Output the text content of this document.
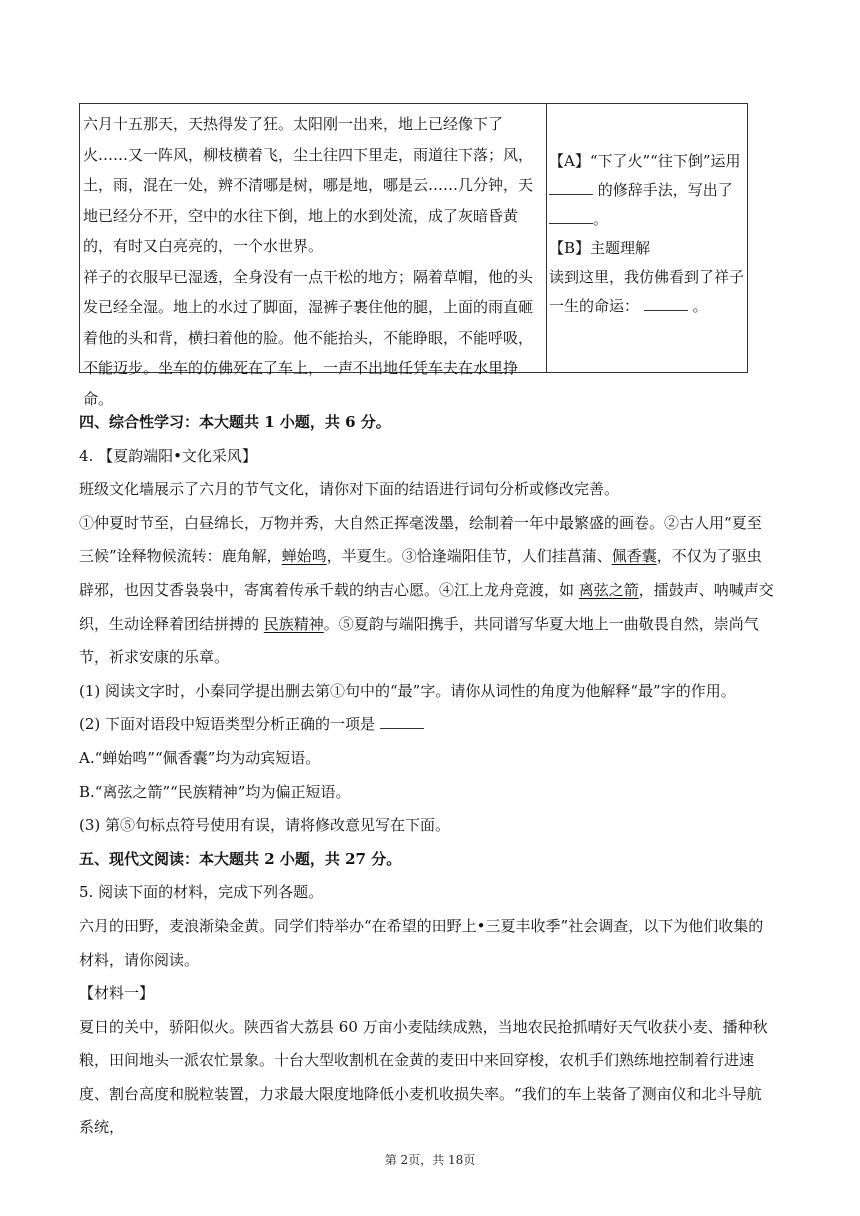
六月十五那天，天热得发了狂。太阳刚一出来，地上已经像下了火……又一阵风，柳枝横着飞，尘土往四下里走，雨道往下落；风，土，雨，混在一处，辨不清哪是树，哪是地，哪是云……几分钟，天地已经分不开，空中的水往下倒，地上的水到处流，成了灰暗昏黄的，有时又白亮亮的，一个水世界。

祥子的衣服早已湿透，全身没有一点干松的地方；隔着草帽，他的头发已经全湿。地上的水过了脚面，湿裤子裹住他的腿，上面的雨直砸着他的头和背，横扫着他的脸。他不能抬头，不能睁眼，不能呼吸，不能迈步。坐车的仿佛死在了车上，一声不出地任凭车夫在水里挣命。

【A】“下了火”“往下倒”运用  的修辞手法，写出了
。

【B】主题理解

读到这里，我仿佛看到了祥子一生的命运：	。

四、综合性学习：本大题共 1 小题，共 6 分。

4. 【夏韵端阳•文化采风】

班级文化墙展示了六月的节气文化，请你对下面的结语进行词句分析或修改完善。

①仲夏时节至，白昼绵长，万物并秀，大自然正挥毫泼墨，绘制着一年中最繁盛的画卷。②古人用“夏至三候”诠释物候流转：鹿角解，蝉始鸣，半夏生。③恰逢端阳佳节，人们挂菖蒲、佩香囊，不仅为了驱虫辟邪，也因艾香袅袅中，寄寓着传承千载的纳吉心愿。④江上龙舟竞渡，如 离弦之箭，擂鼓声、呐喊声交织，生动诠释着团结拼搏的 民族精神。⑤夏韵与端阳携手，共同谱写华夏大地上一曲敬畏自然，崇尚气节，祈求安康的乐章。

(1) 阅读文字时，小秦同学提出删去第①句中的“最”字。请你从词性的角度为他解释“最”字的作用。

(2) 下面对语段中短语类型分析正确的一项是

A.“蝉始鸣”“佩香囊”均为动宾短语。

B.“离弦之箭”“民族精神”均为偏正短语。

(3) 第⑤句标点符号使用有误，请将修改意见写在下面。

五、现代文阅读：本大题共 2 小题，共 27 分。

5. 阅读下面的材料，完成下列各题。

六月的田野，麦浪渐染金黄。同学们特举办“在希望的田野上•三夏丰收季”社会调查，以下为他们收集的材料，请你阅读。

【材料一】

夏日的关中，骄阳似火。陕西省大荔县 60 万亩小麦陆续成熟，当地农民抢抓晴好天气收获小麦、播种秋粮，田间地头一派农忙景象。十台大型收割机在金黄的麦田中来回穿梭，农机手们熟练地控制着行进速度、割台高度和脱粒装置，力求最大限度地降低小麦机收损失率。“我们的车上装备了测亩仪和北斗导航系统，

第 2页，共 18页
